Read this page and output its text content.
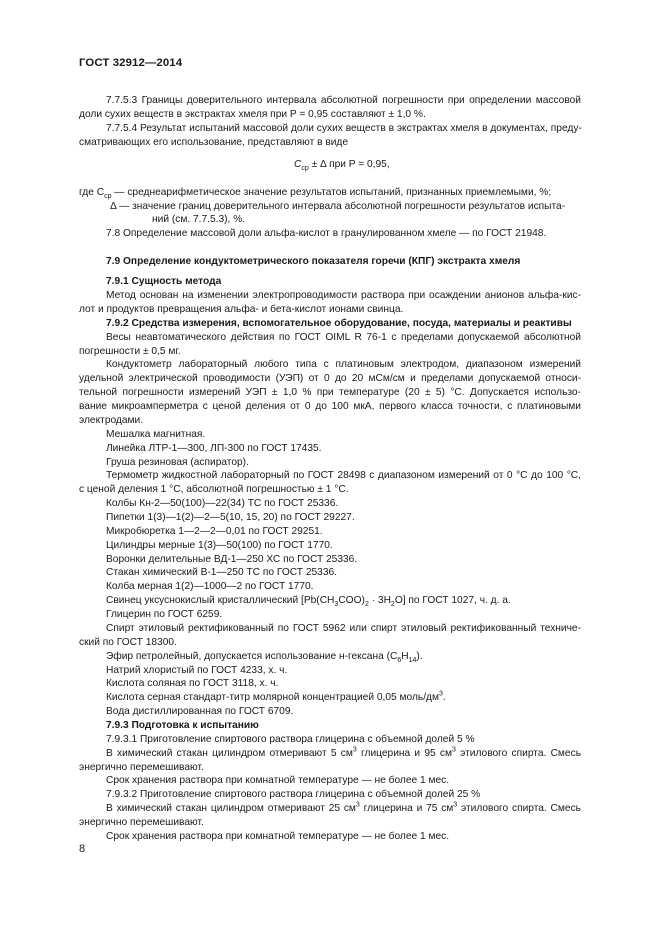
ГОСТ 32912—2014
7.7.5.3 Границы доверительного интервала абсолютной погрешности при определении массовой
доли сухих веществ в экстрактах хмеля при P = 0,95 составляют ± 1,0 %.
7.7.5.4 Результат испытаний массовой доли сухих веществ в экстрактах хмеля в документах, преду-
сматривающих его использование, представляют в виде
$C_{ср} \pm \Delta$ при P = 0,95,
где $C_{ср}$ — среднеарифметическое значение результатов испытаний, признанных приемлемыми, %;
Δ — значение границ доверительного интервала абсолютной погрешности результатов испыта-
ний (см. 7.7.5.3), %.
7.8 Определение массовой доли альфа-кислот в гранулированном хмеле — по ГОСТ 21948.
7.9 Определение кондуктометрического показателя горечи (КПГ) экстракта хмеля
7.9.1 Сущность метода
Метод основан на изменении электропроводимости раствора при осаждении анионов альфа-кис-
лот и продуктов превращения альфа- и бета-кислот ионами свинца.
7.9.2 Средства измерения, вспомогательное оборудование, посуда, материалы и реактивы
Весы неавтоматического действия по ГОСТ OIML R 76-1 с пределами допускаемой абсолютной
погрешности ± 0,5 мг.
Кондуктометр лабораторный любого типа с платиновым электродом, диапазоном измерений
удельной электрической проводимости (УЭП) от 0 до 20 мСм/см и пределами допускаемой относи-
тельной погрешности измерений УЭП ± 1,0 % при температуре (20 ± 5) °С. Допускается использо-
вание микроамперметра с ценой деления от 0 до 100 мкА, первого класса точности, с платиновыми
электродами.
Мешалка магнитная.
Линейка ЛТР-1—300, ЛП-300 по ГОСТ 17435.
Груша резиновая (аспиратор).
Термометр жидкостной лабораторный по ГОСТ 28498 с диапазоном измерений от 0 °С до 100 °С,
с ценой деления 1 °С, абсолютной погрешностью ± 1 °С.
Колбы Кн-2—50(100)—22(34) ТС по ГОСТ 25336.
Пипетки 1(3)—1(2)—2—5(10, 15, 20) по ГОСТ 29227.
Микробюретка 1—2—2—0,01 по ГОСТ 29251.
Цилиндры мерные 1(3)—50(100) по ГОСТ 1770.
Воронки делительные ВД-1—250 ХС по ГОСТ 25336.
Стакан химический В-1—250 ТС по ГОСТ 25336.
Колба мерная 1(2)—1000—2 по ГОСТ 1770.
Свинец уксуснокислый кристаллический $[Pb(CH_3COO)_2 \cdot 3H_2O]$ по ГОСТ 1027, ч. д. а.
Глицерин по ГОСТ 6259.
Спирт этиловый ректификованный по ГОСТ 5962 или спирт этиловый ректификованный техниче-
ский по ГОСТ 18300.
Эфир петролейный, допускается использование н-гексана $(C_6H_{14})$.
Натрий хлористый по ГОСТ 4233, х. ч.
Кислота соляная по ГОСТ 3118, х. ч.
Кислота серная стандарт-титр молярной концентрацией 0,05 моль/$дм^3$.
Вода дистиллированная по ГОСТ 6709.
7.9.3 Подготовка к испытанию
7.9.3.1 Приготовление спиртового раствора глицерина с объемной долей 5 %
В химический стакан цилиндром отмеривают 5 $см^3$ глицерина и 95 $см^3$ этилового спирта. Смесь
энергично перемешивают.
Срок хранения раствора при комнатной температуре — не более 1 мес.
7.9.3.2 Приготовление спиртового раствора глицерина с объемной долей 25 %
В химический стакан цилиндром отмеривают 25 $см^3$ глицерина и 75 $см^3$ этилового спирта. Смесь
энергично перемешивают.
Срок хранения раствора при комнатной температуре — не более 1 мес.
8
